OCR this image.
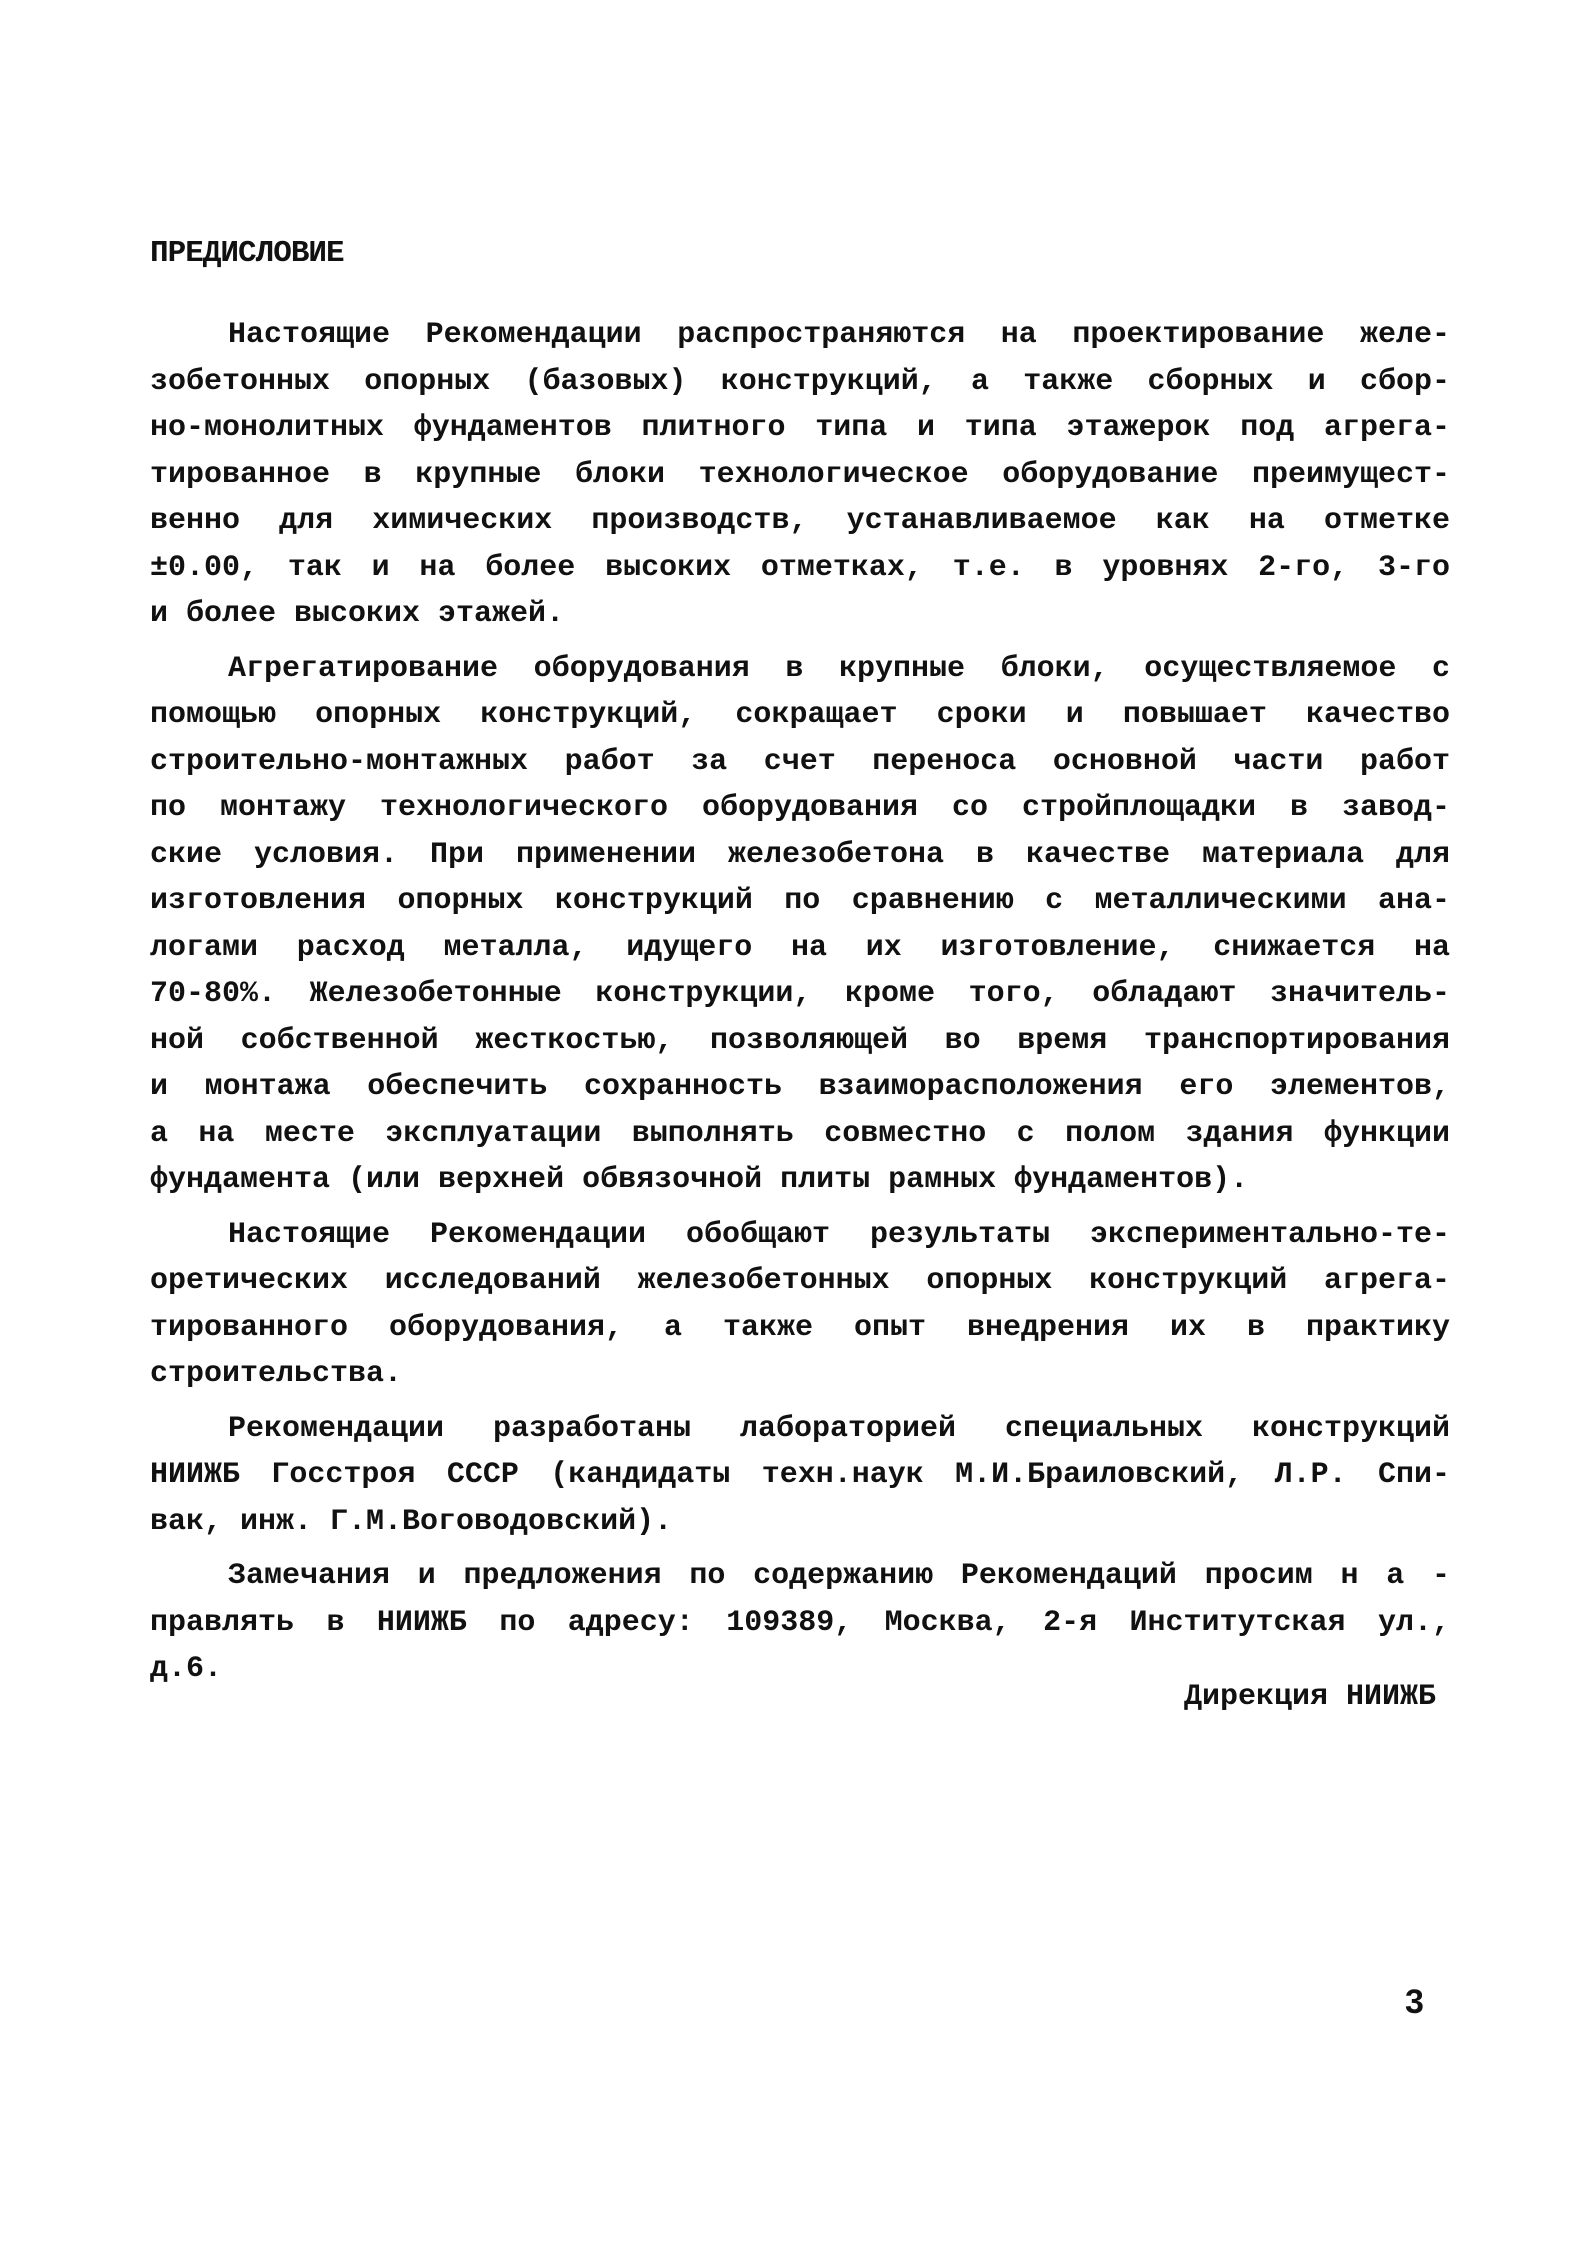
ПРЕДИСЛОВИЕ

Настоящие Рекомендации распространяются на проектирование желе-
зобетонных опорных (базовых) конструкций, а также сборных и сбор-
но-монолитных фундаментов плитного типа и типа этажерок под агрега-
тированное в крупные блоки технологическое оборудование преимущест-
венно для химических производств, устанавливаемое как на отметке
±0.00, так и на более высоких отметках, т.е. в уровнях 2-го, 3-го
и более высоких этажей.

Агрегатирование оборудования в крупные блоки, осуществляемое с
помощью опорных конструкций, сокращает сроки и повышает качество
строительно-монтажных работ за счет переноса основной части работ
по монтажу технологического оборудования со стройплощадки в завод-
ские условия. При применении железобетона в качестве материала для
изготовления опорных конструкций по сравнению с металлическими ана-
логами расход металла, идущего на их изготовление, снижается на
70-80%. Железобетонные конструкции, кроме того, обладают значитель-
ной собственной жесткостью, позволяющей во время транспортирования
и монтажа обеспечить сохранность взаиморасположения его элементов,
а на месте эксплуатации выполнять совместно с полом здания функции
фундамента (или верхней обвязочной плиты рамных фундаментов).

Настоящие Рекомендации обобщают результаты экспериментально-те-
оретических исследований железобетонных опорных конструкций агрега-
тированного оборудования, а также опыт внедрения их в практику
строительства.

Рекомендации разработаны лабораторией специальных конструкций
НИИЖБ Госстроя СССР (кандидаты техн.наук М.И.Браиловский, Л.Р. Спи-
вак, инж. Г.М.Воговодовский).

Замечания и предложения по содержанию Рекомендаций просим н а -
правлять в НИИЖБ по адресу: 109389, Москва, 2-я Институтская ул.,
д.6.

Дирекция НИИЖБ

3
